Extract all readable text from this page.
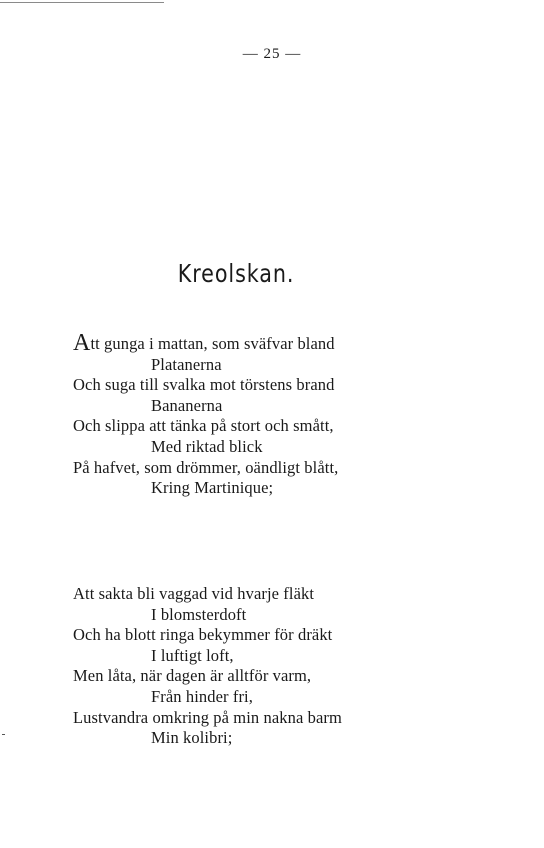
— 25 —
Kreolskan.
Att gunga i mattan, som sväfvar bland
Platanerna
Och suga till svalka mot törstens brand
Bananerna
Och slippa att tänka på stort och smått,
Med riktad blick
På hafvet, som drömmer, oändligt blått,
Kring Martinique;
Att sakta bli vaggad vid hvarje fläkt
I blomsterdoft
Och ha blott ringa bekymmer för dräkt
I luftigt loft,
Men låta, när dagen är alltför varm,
Från hinder fri,
Lustvandra omkring på min nakna barm
Min kolibri;
